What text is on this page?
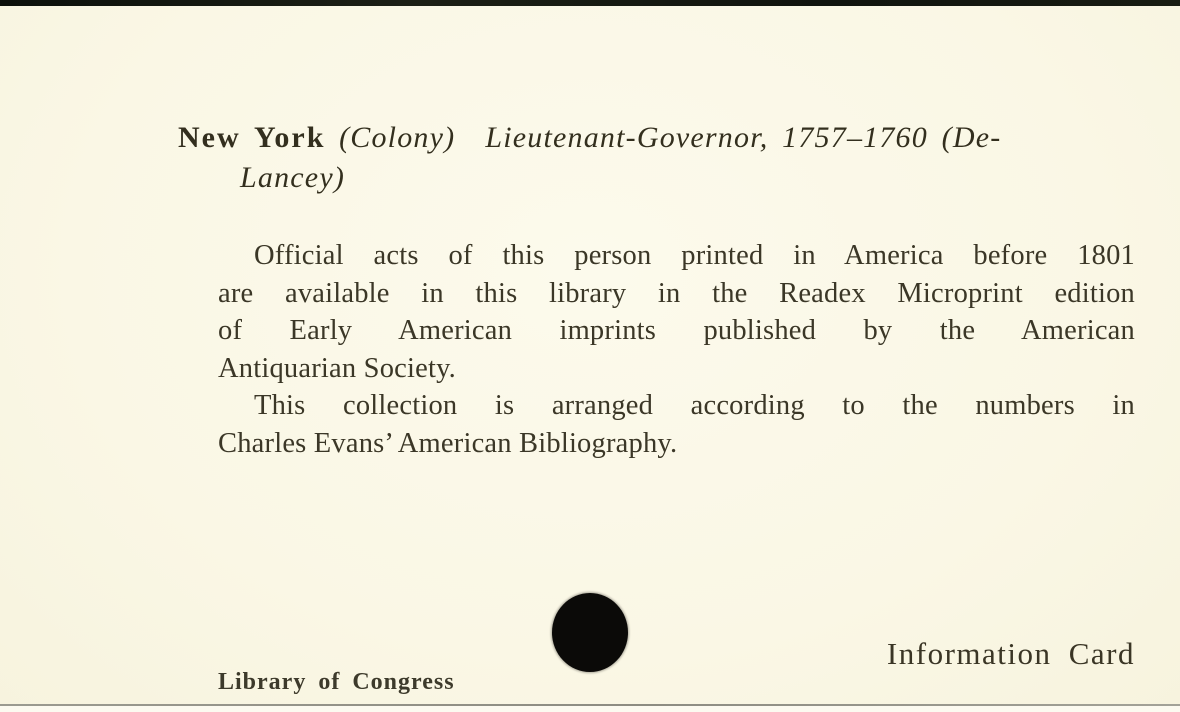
New York (Colony) Lieutenant-Governor, 1757–1760 (De-
Lancey)
Official acts of this person printed in America before 1801
are available in this library in the Readex Microprint edition
of Early American imprints published by the American
Antiquarian Society.
This collection is arranged according to the numbers in
Charles Evans’ American Bibliography.
Information Card
Library of Congress
